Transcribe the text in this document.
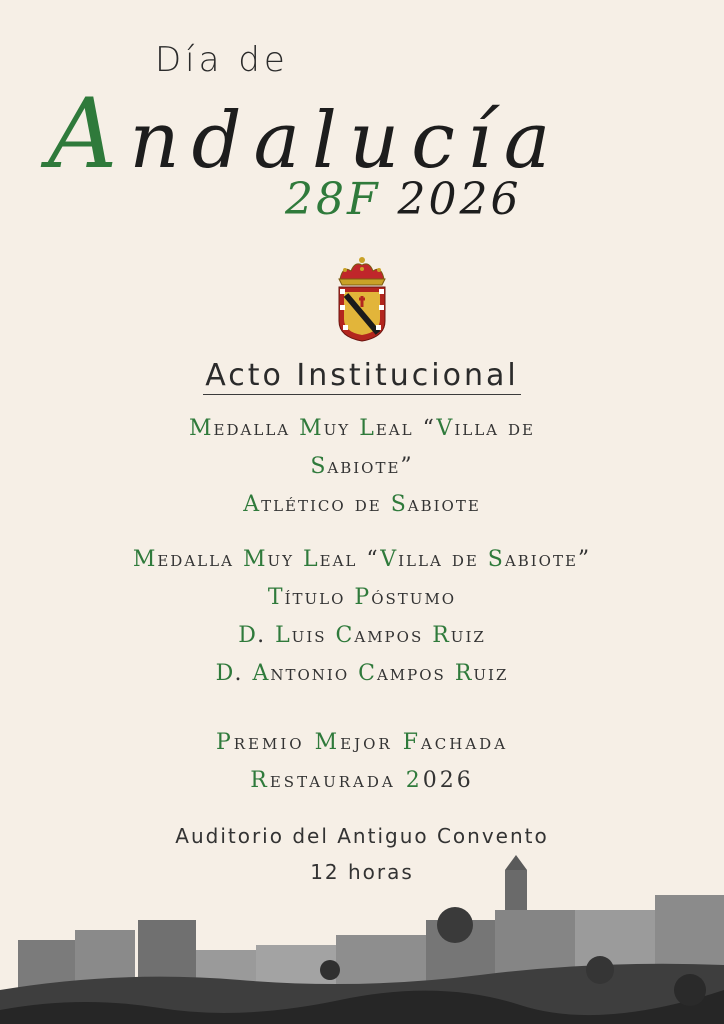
Día de
Andalucía
28F 2026
Acto Institucional
Medalla Muy Leal “Villa de
Sabiote”
Atlético de Sabiote
Medalla Muy Leal “Villa de Sabiote”
Título Póstumo
D. Luis Campos Ruiz
D. Antonio Campos Ruiz
Premio Mejor Fachada
Restaurada 2026
Auditorio del Antiguo Convento
12 horas
